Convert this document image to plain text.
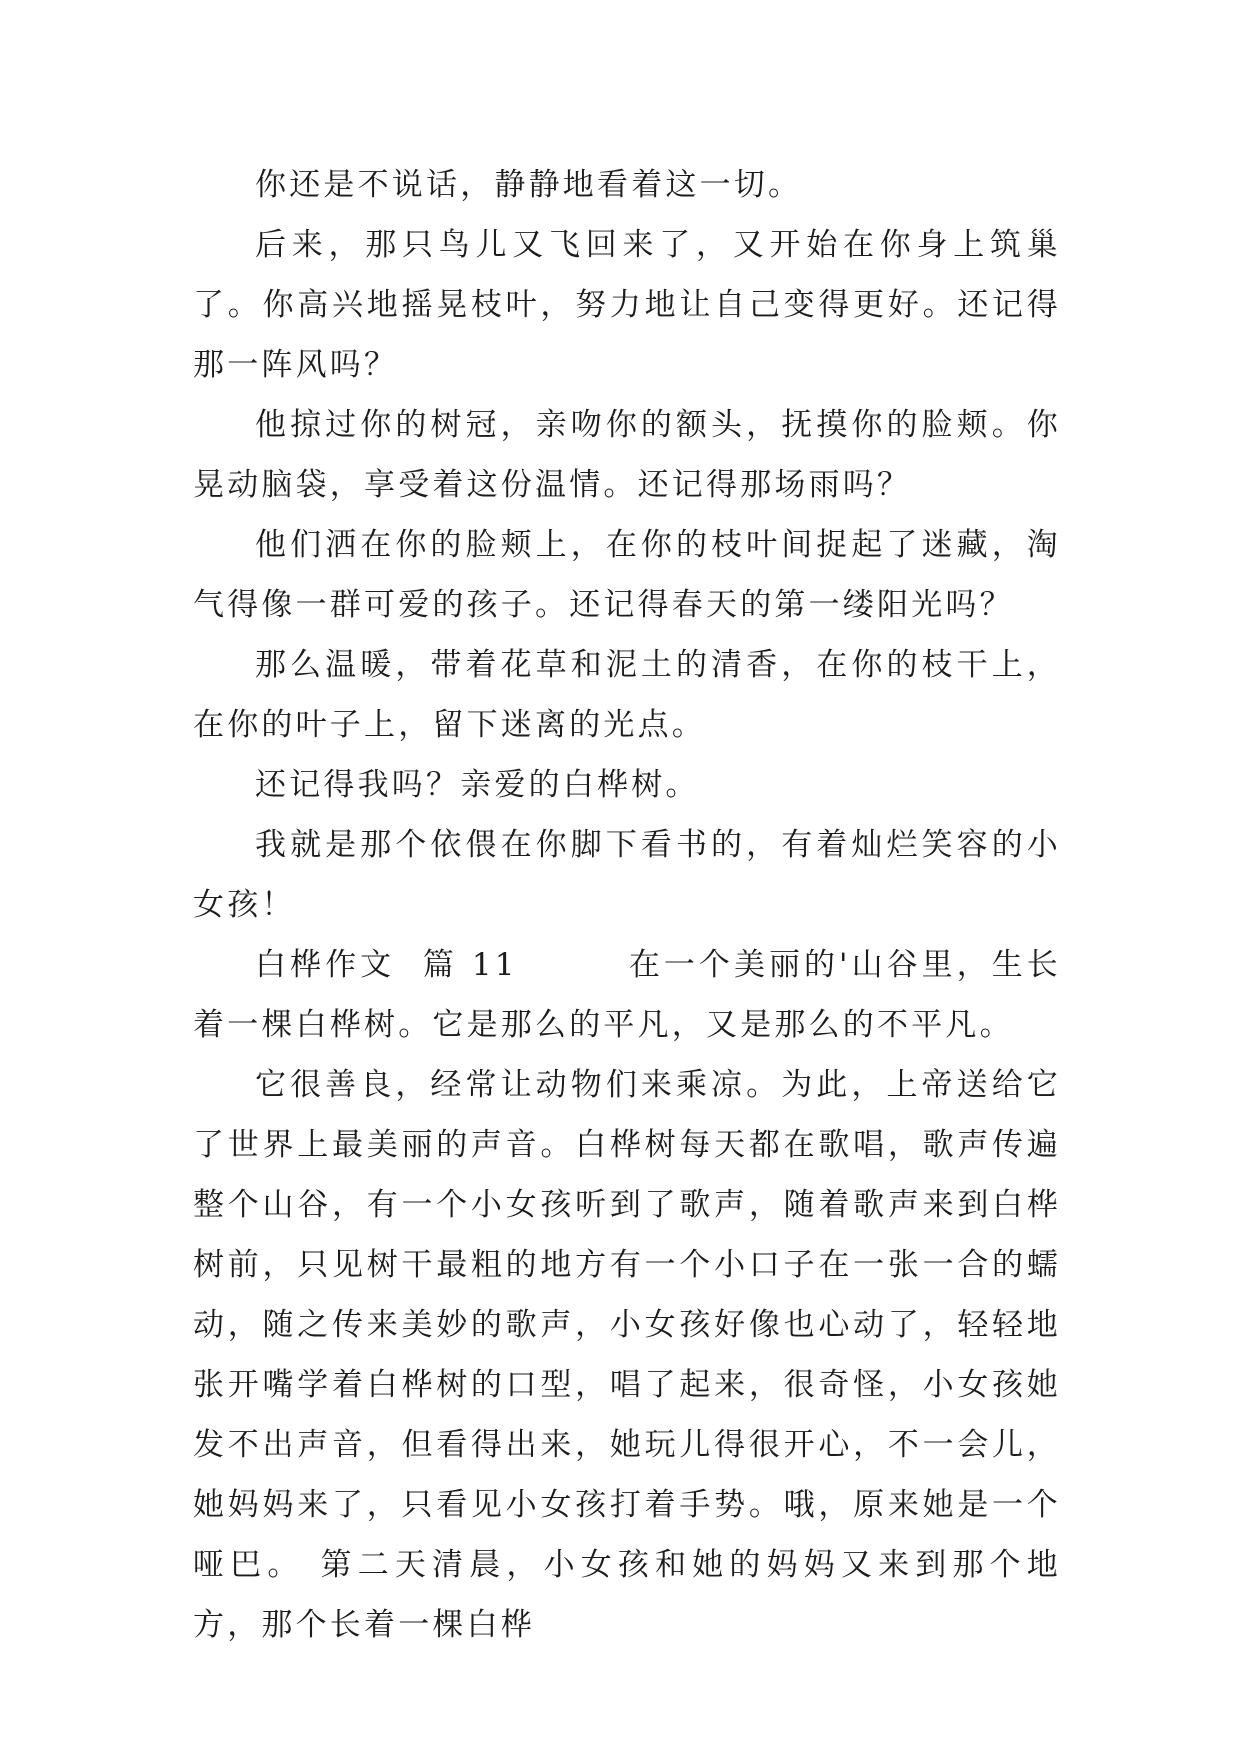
你还是不说话，静静地看着这一切。

后来，那只鸟儿又飞回来了，又开始在你身上筑巢了。你高兴地摇晃枝叶，努力地让自己变得更好。还记得那一阵风吗？

他掠过你的树冠，亲吻你的额头，抚摸你的脸颊。你晃动脑袋，享受着这份温情。还记得那场雨吗？

他们洒在你的脸颊上，在你的枝叶间捉起了迷藏，淘气得像一群可爱的孩子。还记得春天的第一缕阳光吗？

那么温暖，带着花草和泥土的清香，在你的枝干上，在你的叶子上，留下迷离的光点。

还记得我吗？亲爱的白桦树。

我就是那个依偎在你脚下看书的，有着灿烂笑容的小女孩！

白桦作文  篇 11        在一个美丽的'山谷里，生长着一棵白桦树。它是那么的平凡，又是那么的不平凡。

它很善良，经常让动物们来乘凉。为此，上帝送给它了世界上最美丽的声音。白桦树每天都在歌唱，歌声传遍整个山谷，有一个小女孩听到了歌声，随着歌声来到白桦树前，只见树干最粗的地方有一个小口子在一张一合的蠕动，随之传来美妙的歌声，小女孩好像也心动了，轻轻地张开嘴学着白桦树的口型，唱了起来，很奇怪，小女孩她发不出声音，但看得出来，她玩儿得很开心，不一会儿，她妈妈来了，只看见小女孩打着手势。哦，原来她是一个哑巴。 第二天清晨，小女孩和她的妈妈又来到那个地方，那个长着一棵白桦
